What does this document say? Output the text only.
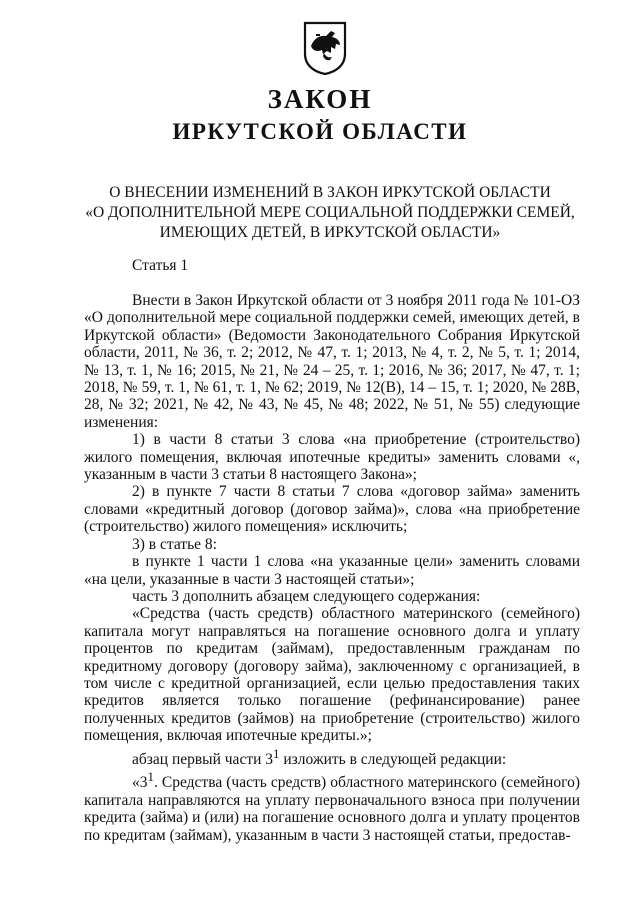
ЗАКОН
ИРКУТСКОЙ ОБЛАСТИ
О ВНЕСЕНИИ ИЗМЕНЕНИЙ В ЗАКОН ИРКУТСКОЙ ОБЛАСТИ
«О ДОПОЛНИТЕЛЬНОЙ МЕРЕ СОЦИАЛЬНОЙ ПОДДЕРЖКИ СЕМЕЙ,
ИМЕЮЩИХ ДЕТЕЙ, В ИРКУТСКОЙ ОБЛАСТИ»
Статья 1

Внести в Закон Иркутской области от 3 ноября 2011 года № 101-ОЗ «О дополнительной мере социальной поддержки семей, имеющих детей, в Иркутской области» (Ведомости Законодательного Собрания Иркутской области, 2011, № 36, т. 2; 2012, № 47, т. 1; 2013, № 4, т. 2, № 5, т. 1; 2014, № 13, т. 1, № 16; 2015, № 21, № 24 – 25, т. 1; 2016, № 36; 2017, № 47, т. 1; 2018, № 59, т. 1, № 61, т. 1, № 62; 2019, № 12(В), 14 – 15, т. 1; 2020, № 28В, 28, № 32; 2021, № 42, № 43, № 45, № 48; 2022, № 51, № 55) следующие изменения:

1) в части 8 статьи 3 слова «на приобретение (строительство) жилого помещения, включая ипотечные кредиты» заменить словами «, указанным в части 3 статьи 8 настоящего Закона»;

2) в пункте 7 части 8 статьи 7 слова «договор займа» заменить словами «кредитный договор (договор займа)», слова «на приобретение (строительство) жилого помещения» исключить;

3) в статье 8:

в пункте 1 части 1 слова «на указанные цели» заменить словами «на цели, указанные в части 3 настоящей статьи»;

часть 3 дополнить абзацем следующего содержания:

«Средства (часть средств) областного материнского (семейного) капитала могут направляться на погашение основного долга и уплату процентов по кредитам (займам), предоставленным гражданам по кредитному договору (договору займа), заключенному с организацией, в том числе с кредитной организацией, если целью предоставления таких кредитов является только погашение (рефинансирование) ранее полученных кредитов (займов) на приобретение (строительство) жилого помещения, включая ипотечные кредиты.»;

абзац первый части $3^1$ изложить в следующей редакции:

«$3^1$. Средства (часть средств) областного материнского (семейного) капитала направляются на уплату первоначального взноса при получении кредита (займа) и (или) на погашение основного долга и уплату процентов по кредитам (займам), указанным в части 3 настоящей статьи, предостав-
